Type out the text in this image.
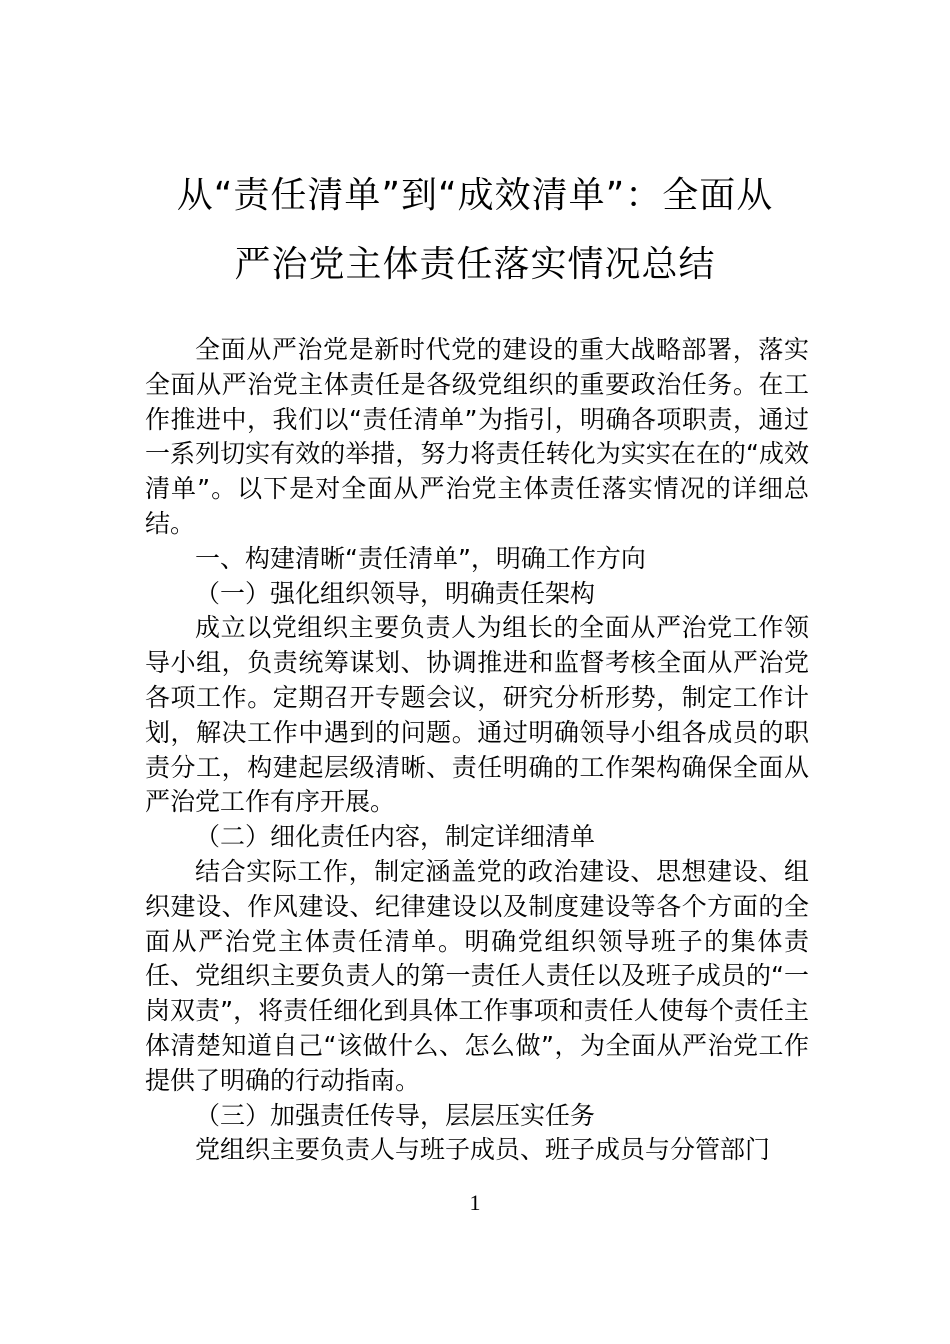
从“责任清单”到“成效清单”：全面从
严治党主体责任落实情况总结

全面从严治党是新时代党的建设的重大战略部署，落实全面从严治党主体责任是各级党组织的重要政治任务。在工作推进中，我们以“责任清单”为指引，明确各项职责，通过一系列切实有效的举措，努力将责任转化为实实在在的“成效清单”。以下是对全面从严治党主体责任落实情况的详细总结。

一、构建清晰“责任清单”，明确工作方向

（一）强化组织领导，明确责任架构

成立以党组织主要负责人为组长的全面从严治党工作领导小组，负责统筹谋划、协调推进和监督考核全面从严治党各项工作。定期召开专题会议，研究分析形势，制定工作计划，解决工作中遇到的问题。通过明确领导小组各成员的职责分工，构建起层级清晰、责任明确的工作架构确保全面从严治党工作有序开展。

（二）细化责任内容，制定详细清单

结合实际工作，制定涵盖党的政治建设、思想建设、组织建设、作风建设、纪律建设以及制度建设等各个方面的全面从严治党主体责任清单。明确党组织领导班子的集体责任、党组织主要负责人的第一责任人责任以及班子成员的“一岗双责”，将责任细化到具体工作事项和责任人使每个责任主体清楚知道自己“该做什么、怎么做”，为全面从严治党工作提供了明确的行动指南。

（三）加强责任传导，层层压实任务

党组织主要负责人与班子成员、班子成员与分管部门

1
